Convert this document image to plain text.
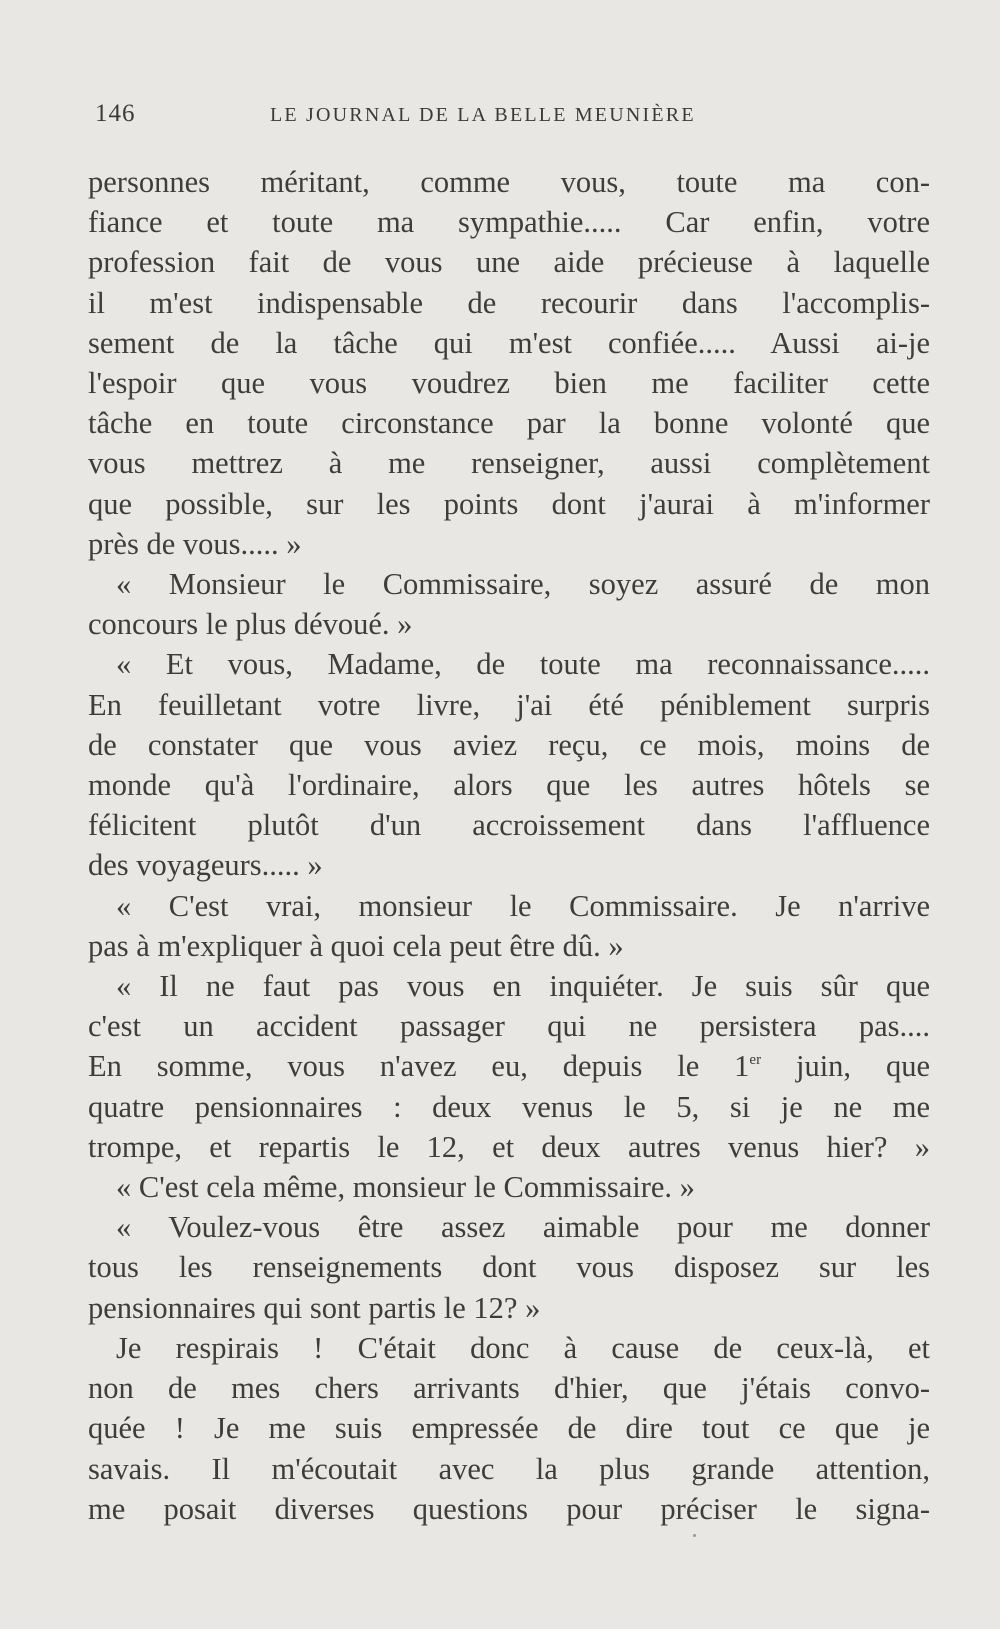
146	LE JOURNAL DE LA BELLE MEUNIÈRE
personnes méritant, comme vous, toute ma con-
fiance et toute ma sympathie..... Car enfin, votre
profession fait de vous une aide précieuse à laquelle
il m'est indispensable de recourir dans l'accomplis-
sement de la tâche qui m'est confiée..... Aussi ai-je
l'espoir que vous voudrez bien me faciliter cette
tâche en toute circonstance par la bonne volonté que
vous mettrez à me renseigner, aussi complètement
que possible, sur les points dont j'aurai à m'informer
près de vous..... »
« Monsieur le Commissaire, soyez assuré de mon
concours le plus dévoué. »
« Et vous, Madame, de toute ma reconnaissance.....
En feuilletant votre livre, j'ai été péniblement surpris
de constater que vous aviez reçu, ce mois, moins de
monde qu'à l'ordinaire, alors que les autres hôtels se
félicitent plutôt d'un accroissement dans l'affluence
des voyageurs..... »
« C'est vrai, monsieur le Commissaire. Je n'arrive
pas à m'expliquer à quoi cela peut être dû. »
« Il ne faut pas vous en inquiéter. Je suis sûr que
c'est un accident passager qui ne persistera pas....
En somme, vous n'avez eu, depuis le 1er juin, que
quatre pensionnaires : deux venus le 5, si je ne me
trompe, et repartis le 12, et deux autres venus hier? »
« C'est cela même, monsieur le Commissaire. »
« Voulez-vous être assez aimable pour me donner
tous les renseignements dont vous disposez sur les
pensionnaires qui sont partis le 12? »
Je respirais ! C'était donc à cause de ceux-là, et
non de mes chers arrivants d'hier, que j'étais convo-
quée ! Je me suis empressée de dire tout ce que je
savais. Il m'écoutait avec la plus grande attention,
me posait diverses questions pour préciser le signa-
